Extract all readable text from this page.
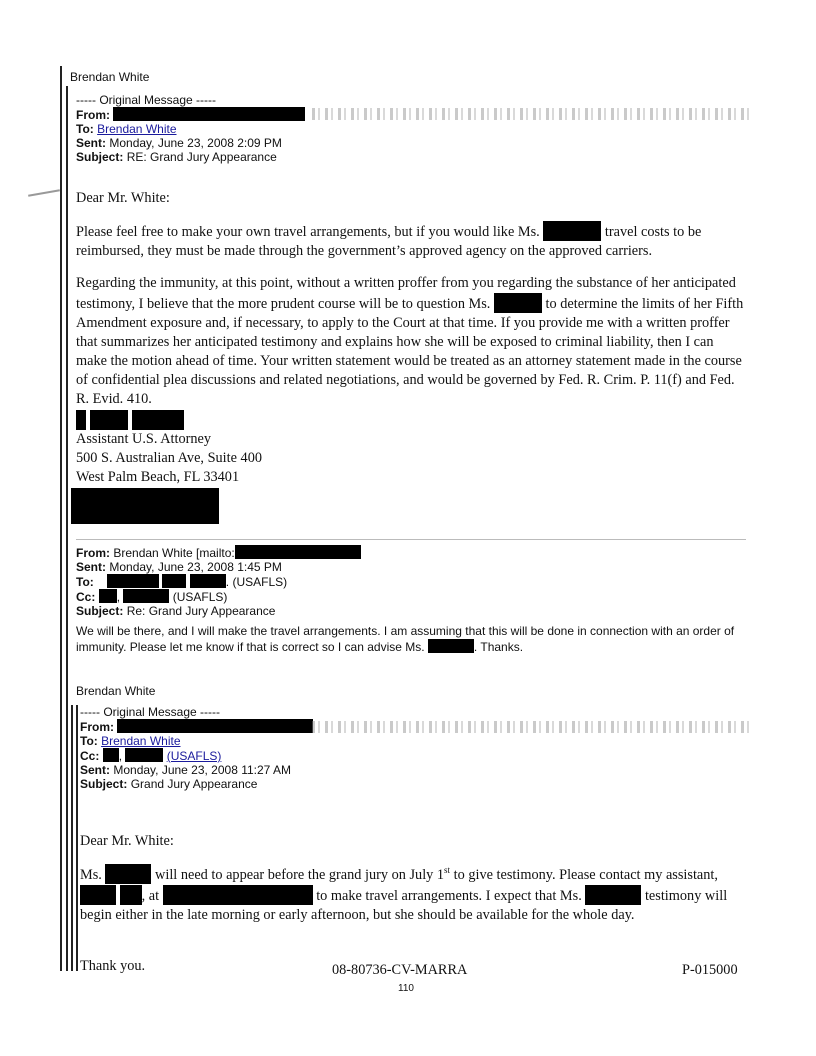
Brendan White
----- Original Message -----
From:
To: Brendan White
Sent: Monday, June 23, 2008 2:09 PM
Subject: RE: Grand Jury Appearance
Dear Mr. White:
Please feel free to make your own travel arrangements, but if you would like Ms.	travel costs to be reimbursed, they must be made through the government’s approved agency on the approved carriers.
Regarding the immunity, at this point, without a written proffer from you regarding the substance of her anticipated testimony, I believe that the more prudent course will be to question Ms.	to determine the limits of her Fifth Amendment exposure and, if necessary, to apply to the Court at that time. If you provide me with a written proffer that summarizes her anticipated testimony and explains how she will be exposed to criminal liability, then I can make the motion ahead of time. Your written statement would be treated as an attorney statement made in the course of confidential plea discussions and related negotiations, and would be governed by Fed. R. Crim. P. 11(f) and Fed. R. Evid. 410.

Assistant U.S. Attorney
500 S. Australian Ave, Suite 400
West Palm Beach, FL 33401
From: Brendan White [mailto:
Sent: Monday, June 23, 2008 1:45 PM
To:	. (USAFLS)
Cc: ,	(USAFLS)
Subject: Re: Grand Jury Appearance
We will be there, and I will make the travel arrangements. I am assuming that this will be done in connection with an order of immunity. Please let me know if that is correct so I can advise Ms.	. Thanks.
Brendan White
----- Original Message -----
From:
To: Brendan White
Cc: ,	(USAFLS)
Sent: Monday, June 23, 2008 11:27 AM
Subject: Grand Jury Appearance
Dear Mr. White:
Ms.	will need to appear before the grand jury on July 1st to give testimony. Please contact my assistant,  , at	to make travel arrangements. I expect that Ms.	testimony will begin either in the late morning or early afternoon, but she should be available for the whole day.
Thank you.	08-80736-CV-MARRA	P-015000
110
